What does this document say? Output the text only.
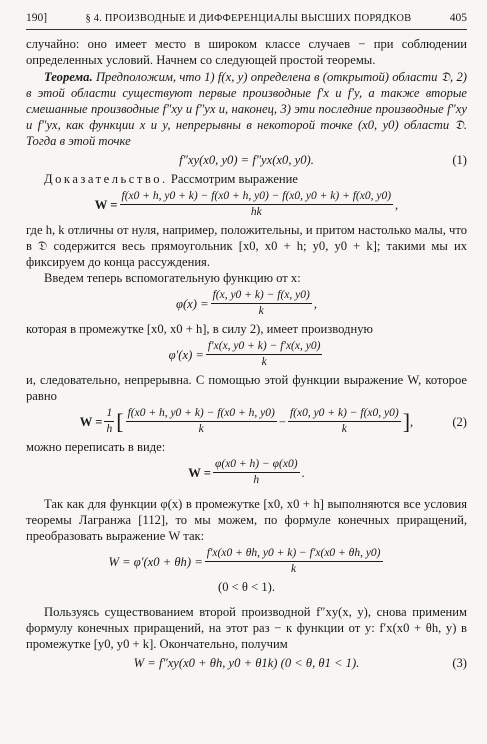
190]	§ 4. ПРОИЗВОДНЫЕ И ДИФФЕРЕНЦИАЛЫ ВЫСШИХ ПОРЯДКОВ	405

случайно: оно имеет место в широком классе случаев − при соблюдении определенных условий. Начнем со следующей простой теоремы.

Теорема. Предположим, что 1) f(x, y) определена в (открытой) области 𝔇, 2) в этой области существуют первые производные f′x и f′y, а также вторые смешанные производные f″xy и f″yx и, наконец, 3) эти последние производные f″xy и f″yx, как функции x и y, непрерывны в некоторой точке (x0, y0) области 𝔇. Тогда в этой точке

f″xy(x0, y0) = f″yx(x0, y0).	(1)

Доказательство. Рассмотрим выражение

W =
f(x0 + h, y0 + k) − f(x0 + h, y0) − f(x0, y0 + k) + f(x0, y0)
hk
,

где h, k отличны от нуля, например, положительны, и притом настолько малы, что в 𝔇 содержится весь прямоугольник [x0, x0 + h; y0, y0 + k]; такими мы их фиксируем до конца рассуждения.

Введем теперь вспомогательную функцию от x:

$\varphi(x) = \frac{f(x, y0 + k) - f(x, y0)}{k}$ ,

которая в промежутке [x0, x0 + h], в силу 2), имеет производную

$\varphi'(x) = \frac{f'x(x, y0 + k) - f'x(x, y0)}{k}$

и, следовательно, непрерывна. С помощью этой функции выражение W, которое равно

$W = \frac{1}{h}$ [ $\frac{f(x0 + h, y0 + k) - f(x0 + h, y0)}{k} - \frac{f(x0, y0 + k) - f(x0, y0)}{k}$ ] ,	(2)

можно переписать в виде:

$W = \frac{\varphi(x0 + h) - \varphi(x0)}{h}$ .

Так как для функции φ(x) в промежутке [x0, x0 + h] выполняются все условия теоремы Лагранжа [112], то мы можем, по формуле конечных приращений, преобразовать выражение W так:

$W = \varphi'(x0 + \theta h) = \frac{f'x(x0 + \theta h, y0 + k) - f'x(x0 + \theta h, y0)}{k}$
(0 < θ < 1).

Пользуясь существованием второй производной f″xy(x, y), снова применим формулу конечных приращений, на этот раз − к функции от y: f′x(x0 + θh, y) в промежутке [y0, y0 + k]. Окончательно, получим

W = f″xy(x0 + θh, y0 + θ1k) (0 < θ, θ1 < 1).	(3)
